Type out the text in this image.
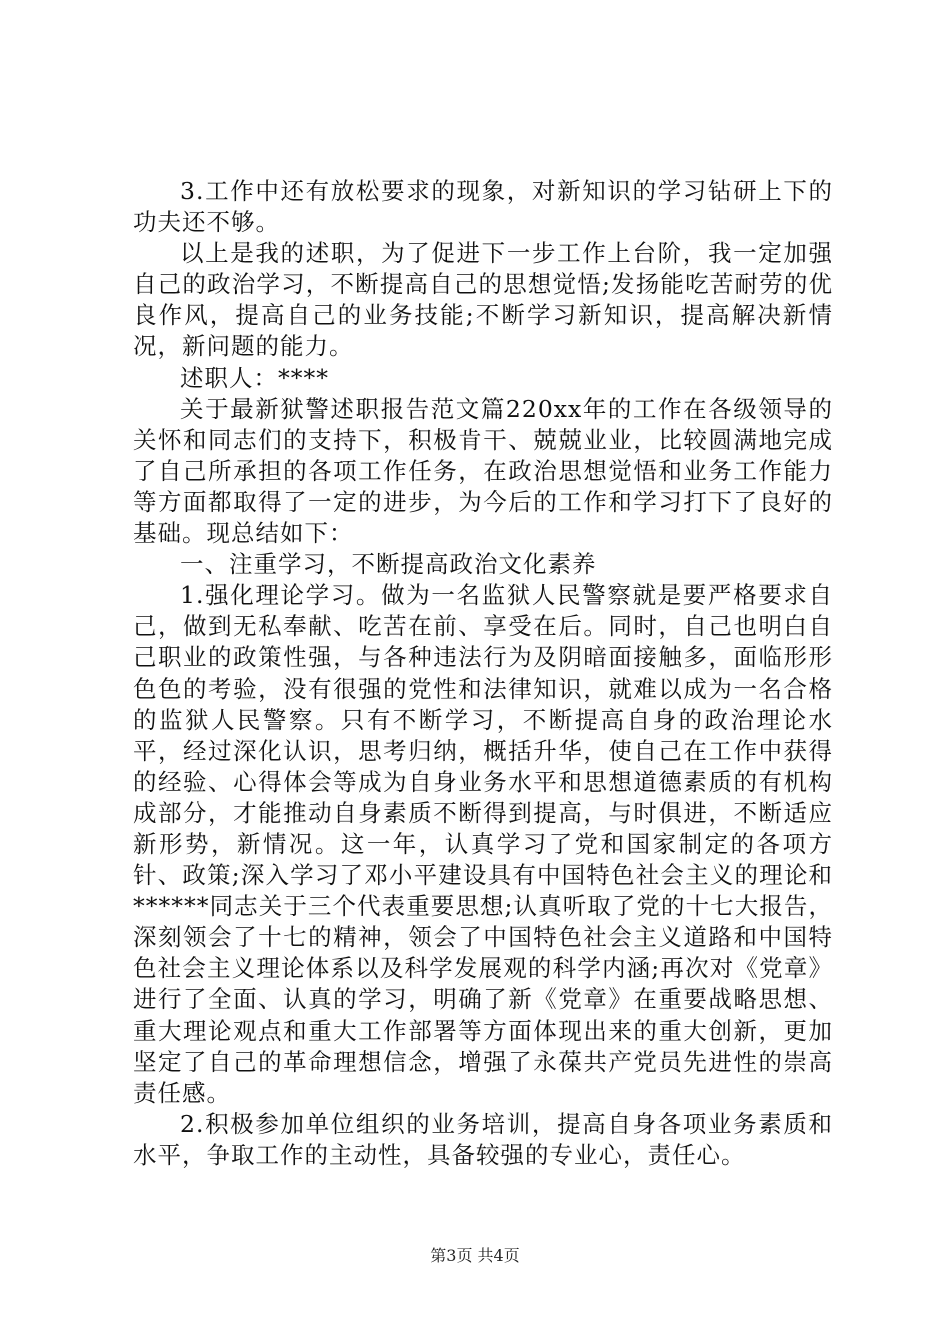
3.工作中还有放松要求的现象，对新知识的学习钻研上下的功夫还不够。

以上是我的述职，为了促进下一步工作上台阶，我一定加强自己的政治学习，不断提高自己的思想觉悟;发扬能吃苦耐劳的优良作风，提高自己的业务技能;不断学习新知识，提高解决新情况，新问题的能力。

述职人：****

关于最新狱警述职报告范文篇220xx年的工作在各级领导的关怀和同志们的支持下，积极肯干、兢兢业业，比较圆满地完成了自己所承担的各项工作任务，在政治思想觉悟和业务工作能力等方面都取得了一定的进步，为今后的工作和学习打下了良好的基础。现总结如下：

一、注重学习，不断提高政治文化素养

1.强化理论学习。做为一名监狱人民警察就是要严格要求自己，做到无私奉献、吃苦在前、享受在后。同时，自己也明白自己职业的政策性强，与各种违法行为及阴暗面接触多，面临形形色色的考验，没有很强的党性和法律知识，就难以成为一名合格的监狱人民警察。只有不断学习，不断提高自身的政治理论水平，经过深化认识，思考归纳，概括升华，使自己在工作中获得的经验、心得体会等成为自身业务水平和思想道德素质的有机构成部分，才能推动自身素质不断得到提高，与时俱进，不断适应新形势，新情况。这一年，认真学习了党和国家制定的各项方针、政策;深入学习了邓小平建设具有中国特色社会主义的理论和******同志关于三个代表重要思想;认真听取了党的十七大报告，深刻领会了十七的精神，领会了中国特色社会主义道路和中国特色社会主义理论体系以及科学发展观的科学内涵;再次对《党章》进行了全面、认真的学习，明确了新《党章》在重要战略思想、重大理论观点和重大工作部署等方面体现出来的重大创新，更加坚定了自己的革命理想信念，增强了永葆共产党员先进性的崇高责任感。

2.积极参加单位组织的业务培训，提高自身各项业务素质和水平，争取工作的主动性，具备较强的专业心，责任心。

第3页 共4页
